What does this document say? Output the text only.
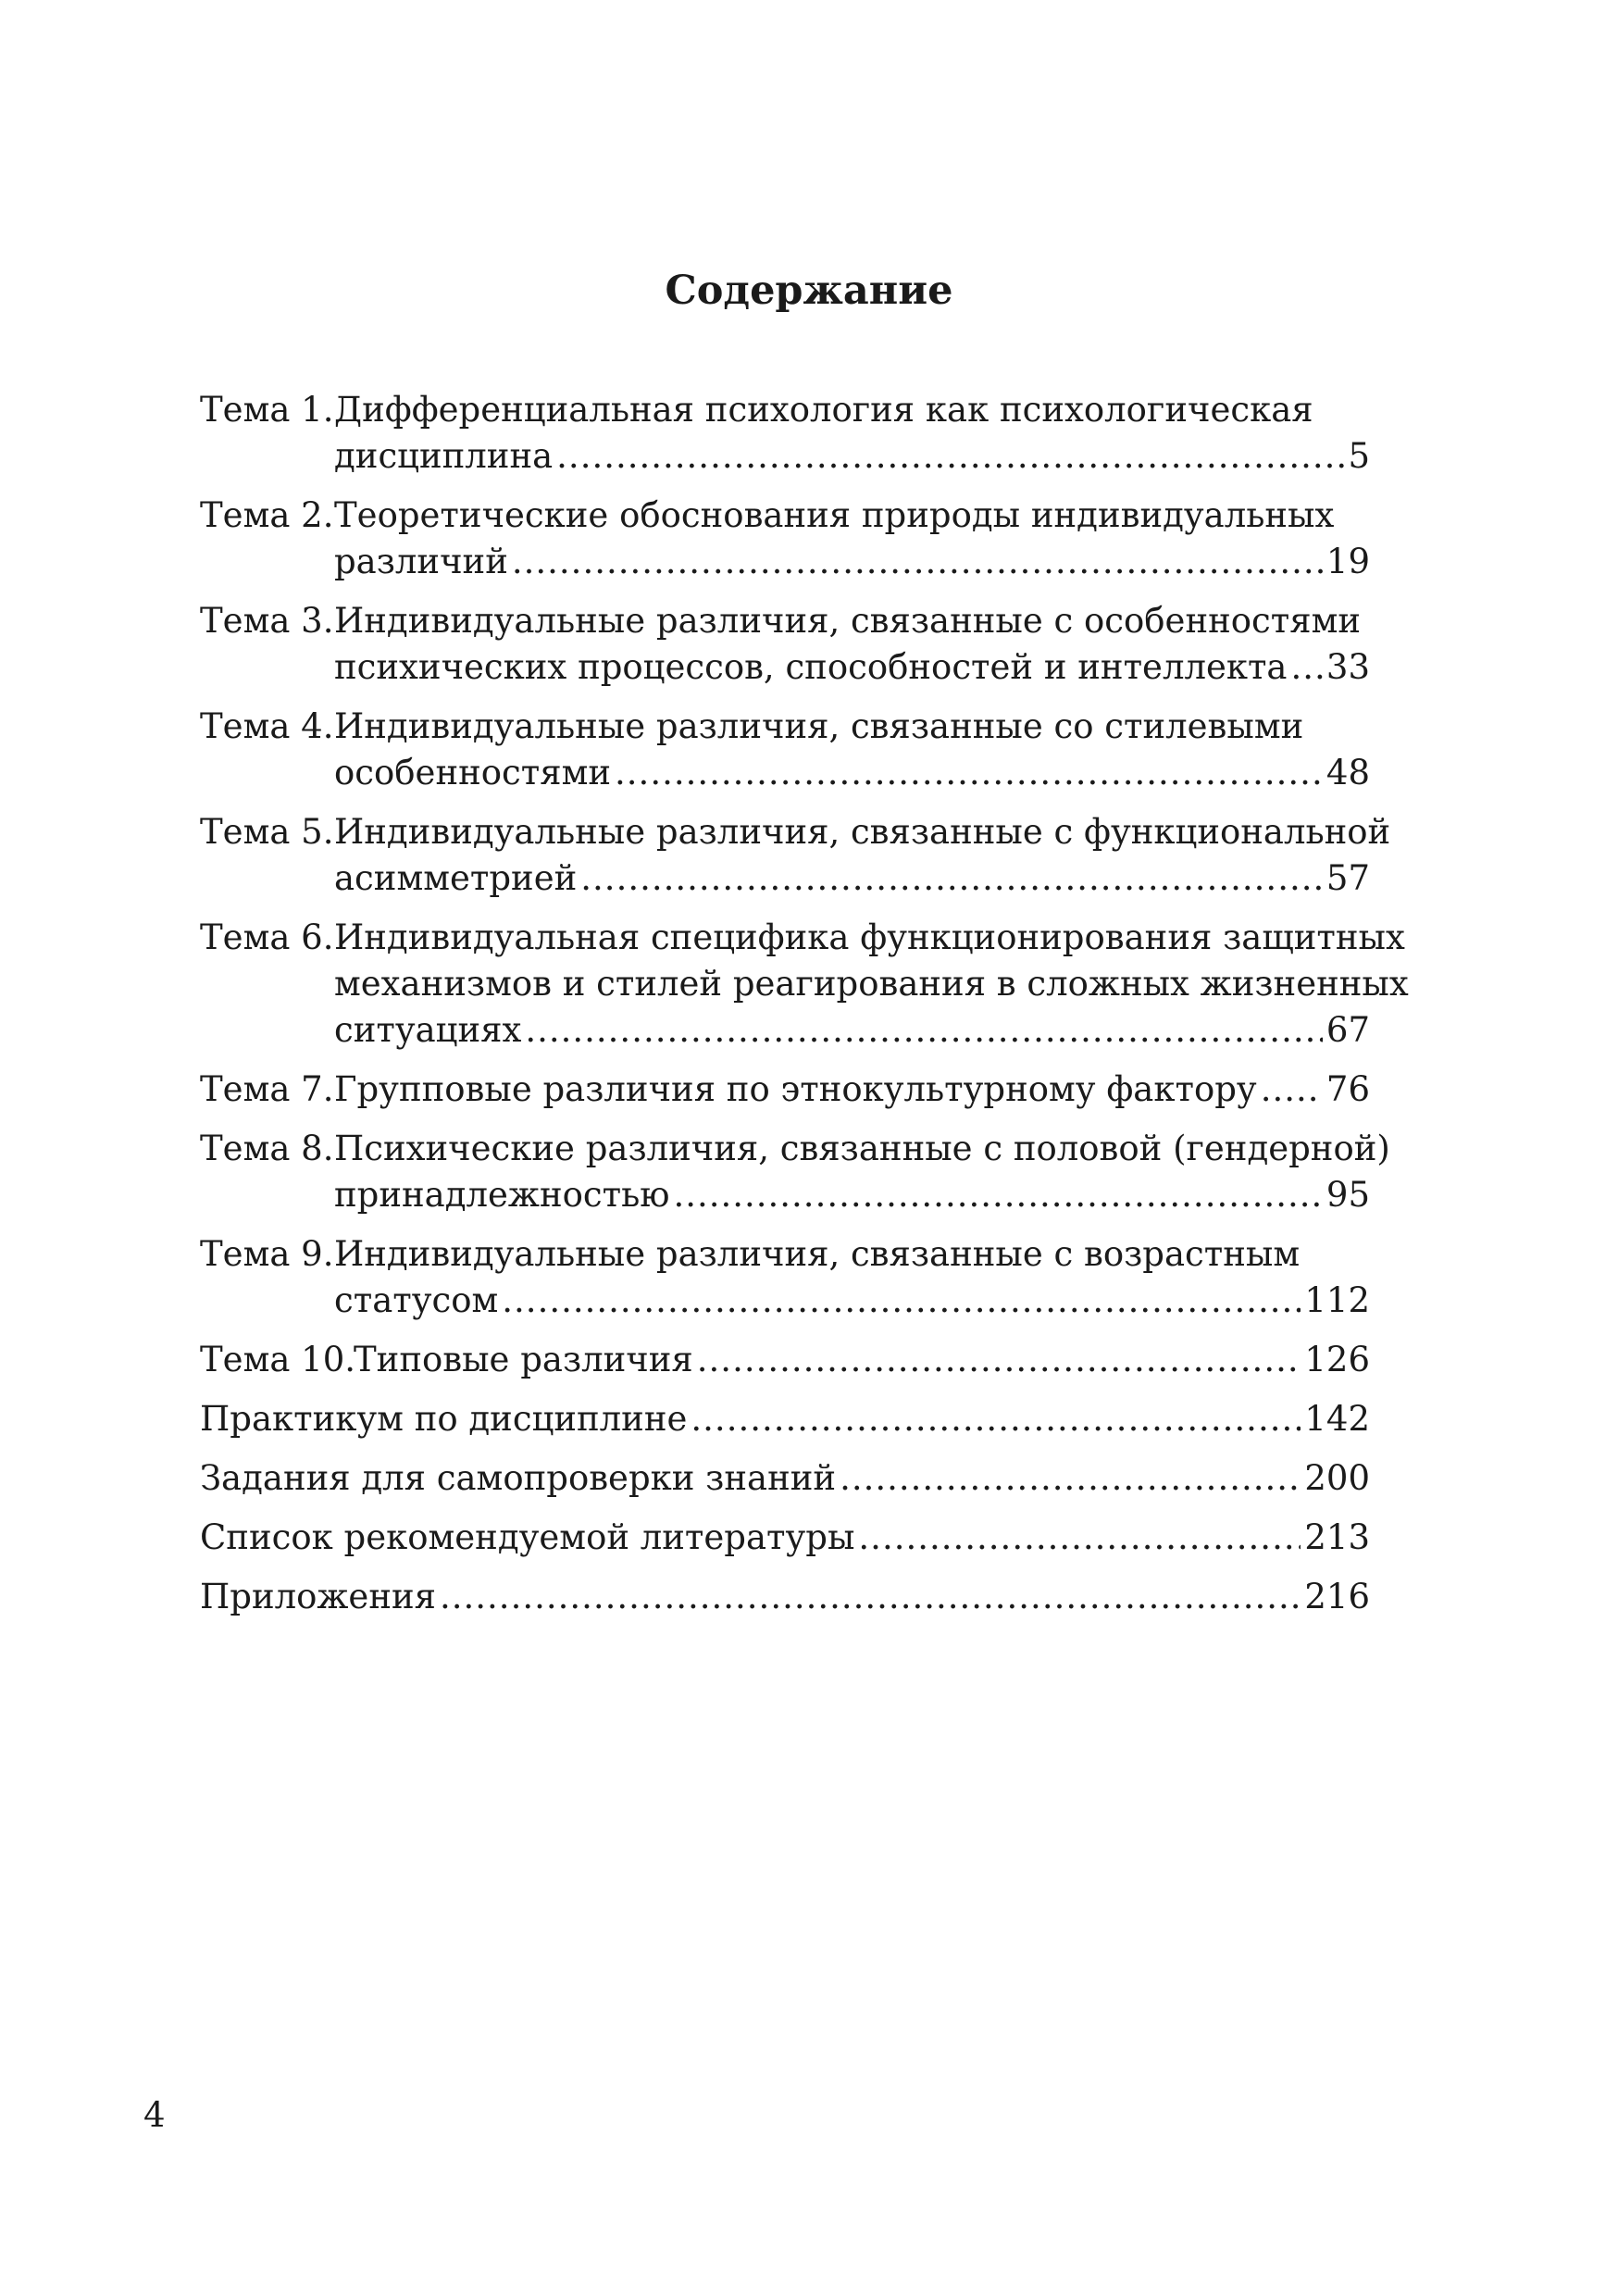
Содержание
Тема 1. Дифференциальная психология как психологическая
дисциплина .....	5
Тема 2. Теоретические обоснования природы индивидуальных
различий .....	19
Тема 3. Индивидуальные различия, связанные с особенностями
психических процессов, способностей и интеллекта ..... 33
Тема 4. Индивидуальные различия, связанные со стилевыми
особенностями .....	48
Тема 5. Индивидуальные различия, связанные с функциональной
асимметрией .....	57
Тема 6. Индивидуальная специфика функционирования защитных
механизмов и стилей реагирования в сложных жизненных
ситуациях .....	67
Тема 7. Групповые различия по этнокультурному фактору ..... 76
Тема 8. Психические различия, связанные с половой (гендерной)
принадлежностью .....	95
Тема 9. Индивидуальные различия, связанные с возрастным
статусом .....	112
Тема 10.
Типовые различия .....	126
Практикум по дисциплине .....	142
Задания для самопроверки знаний .....	200
Список рекомендуемой литературы .....	213
Приложения .....	216
4
